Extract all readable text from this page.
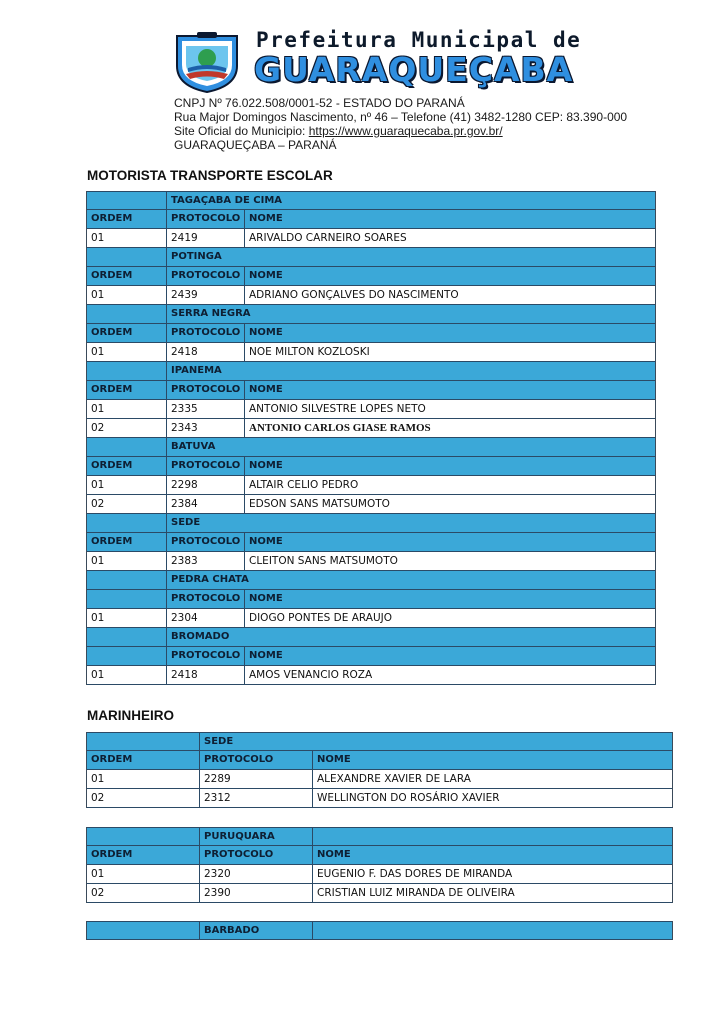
Prefeitura Municipal de
GUARAQUEÇABA
CNPJ Nº 76.022.508/0001-52 - ESTADO DO PARANÁ
Rua Major Domingos Nascimento, nº 46 – Telefone (41) 3482-1280 CEP: 83.390-000
Site Oficial do Municipio: https://www.guaraquecaba.pr.gov.br/
GUARAQUEÇABA – PARANÁ
MOTORISTA TRANSPORTE ESCOLAR
TAGAÇABA DE CIMA
ORDEM	PROTOCOLO NOME
01	2419	ARIVALDO CARNEIRO SOARES
POTINGA
ORDEM	PROTOCOLO NOME
01	2439	ADRIANO GONÇALVES DO NASCIMENTO
SERRA NEGRA
ORDEM	PROTOCOLO NOME
01	2418	NOE MILTON KOZLOSKI
IPANEMA
ORDEM	PROTOCOLO NOME
01	2335	ANTONIO SILVESTRE LOPES NETO
02	2343	ANTONIO CARLOS GIASE RAMOS
BATUVA
ORDEM	PROTOCOLO NOME
01	2298	ALTAIR CELIO PEDRO
02	2384	EDSON SANS MATSUMOTO
SEDE
ORDEM	PROTOCOLO NOME
01	2383	CLEITON SANS MATSUMOTO
PEDRA CHATA
PROTOCOLO NOME
01	2304	DIOGO PONTES DE ARAUJO
BROMADO
PROTOCOLO NOME
01	2418	AMOS VENANCIO ROZA
MARINHEIRO
SEDE
ORDEM	PROTOCOLO	NOME
01	2289	ALEXANDRE XAVIER DE LARA
02	2312	WELLINGTON DO ROSÁRIO XAVIER
PURUQUARA
ORDEM	PROTOCOLO	NOME
01	2320	EUGENIO F. DAS DORES DE MIRANDA
02	2390	CRISTIAN LUIZ MIRANDA DE OLIVEIRA
BARBADO
